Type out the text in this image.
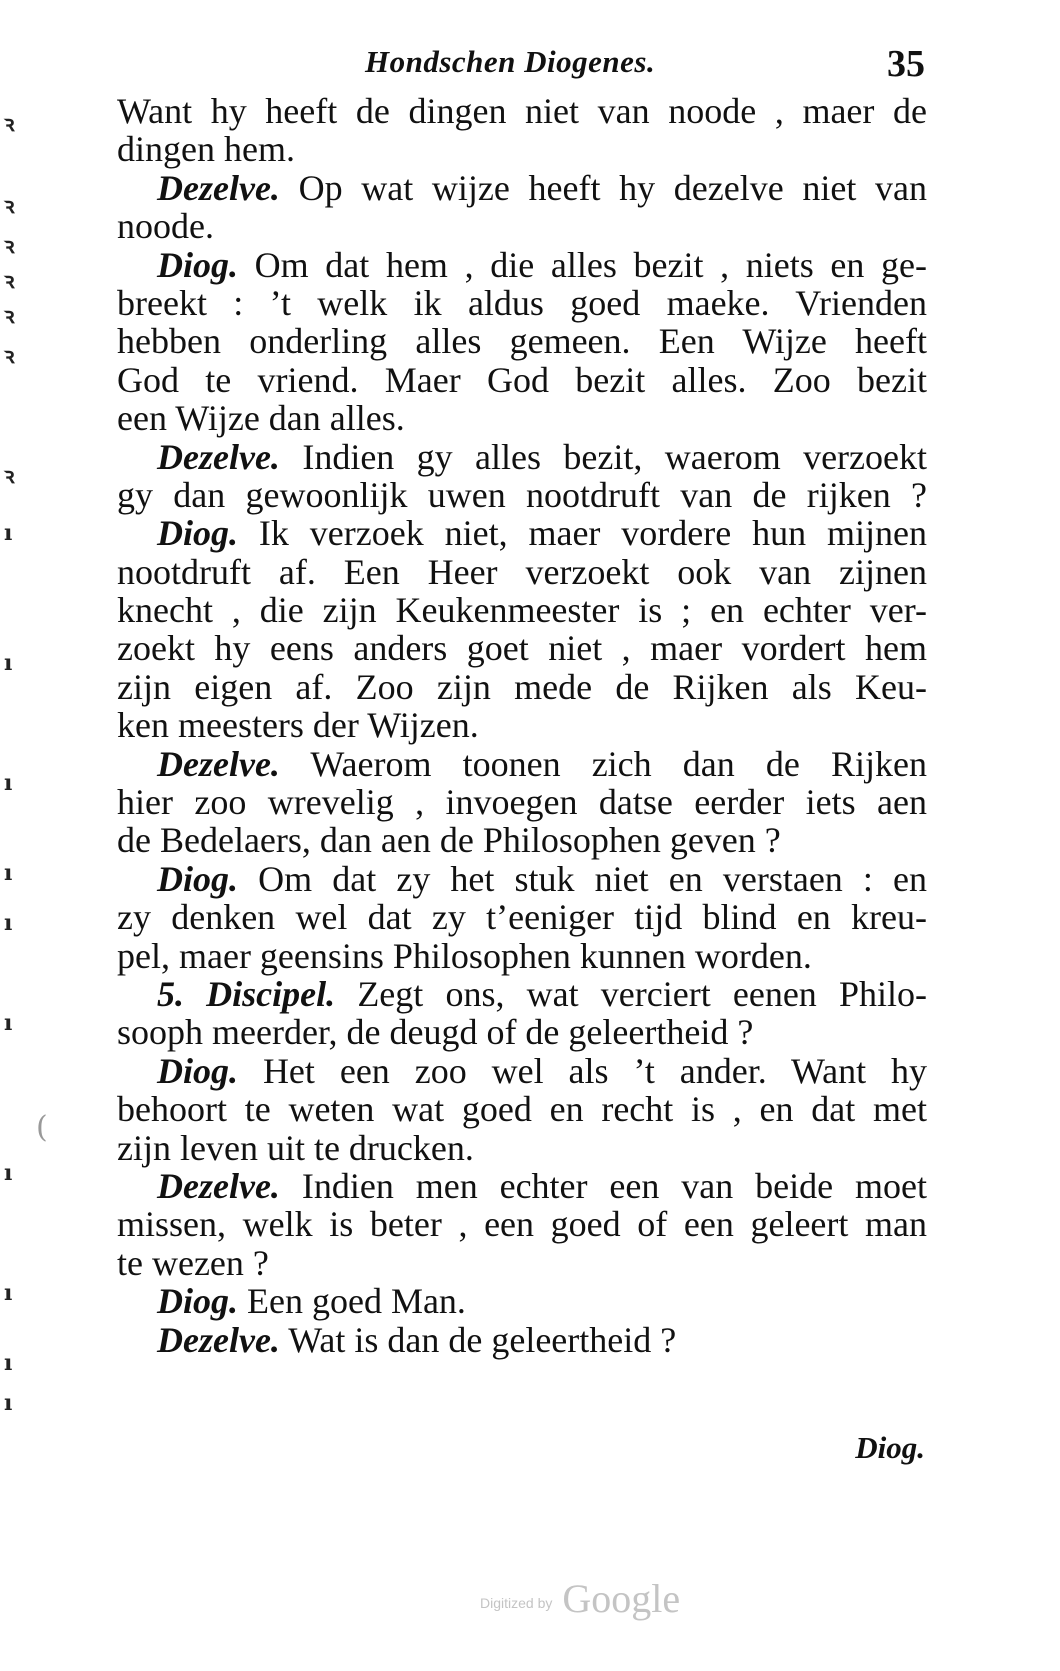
ꝛ
ꝛ
ꝛ
ꝛ
ꝛ
ꝛ
ꝛ
ı
ı
ı
ı
ı
ı
ı
ı
ı
ı
(
Hondschen Diogenes.	35
Want hy heeft de dingen niet van noode , maer de
dingen hem.
Dezelve. Op wat wijze heeft hy dezelve niet van
noode.
Diog. Om dat hem , die alles bezit , niets en ge-
breekt : ’t welk ik aldus goed maeke. Vrienden
hebben onderling alles gemeen. Een Wijze heeft
God te vriend. Maer God bezit alles. Zoo bezit
een Wijze dan alles.
Dezelve. Indien gy alles bezit, waerom verzoekt
gy dan gewoonlijk uwen nootdruft van de rijken ?
Diog. Ik verzoek niet, maer vordere hun mijnen
nootdruft af. Een Heer verzoekt ook van zijnen
knecht , die zijn Keukenmeester is ; en echter ver-
zoekt hy eens anders goet niet , maer vordert hem
zijn eigen af. Zoo zijn mede de Rijken als Keu-
ken meesters der Wijzen.
Dezelve. Waerom toonen zich dan de Rijken
hier zoo wrevelig , invoegen datse eerder iets aen
de Bedelaers, dan aen de Philosophen geven ?
Diog. Om dat zy het stuk niet en verstaen : en
zy denken wel dat zy t’eeniger tijd blind en kreu-
pel, maer geensins Philosophen kunnen worden.
5. Discipel. Zegt ons, wat verciert eenen Philo-
sooph meerder, de deugd of de geleertheid ?
Diog. Het een zoo wel als ’t ander. Want hy
behoort te weten wat goed en recht is , en dat met
zijn leven uit te drucken.
Dezelve. Indien men echter een van beide moet
missen, welk is beter , een goed of een geleert man
te wezen ?
Diog. Een goed Man.
Dezelve. Wat is dan de geleertheid ?
Diog.
Digitized by Google
